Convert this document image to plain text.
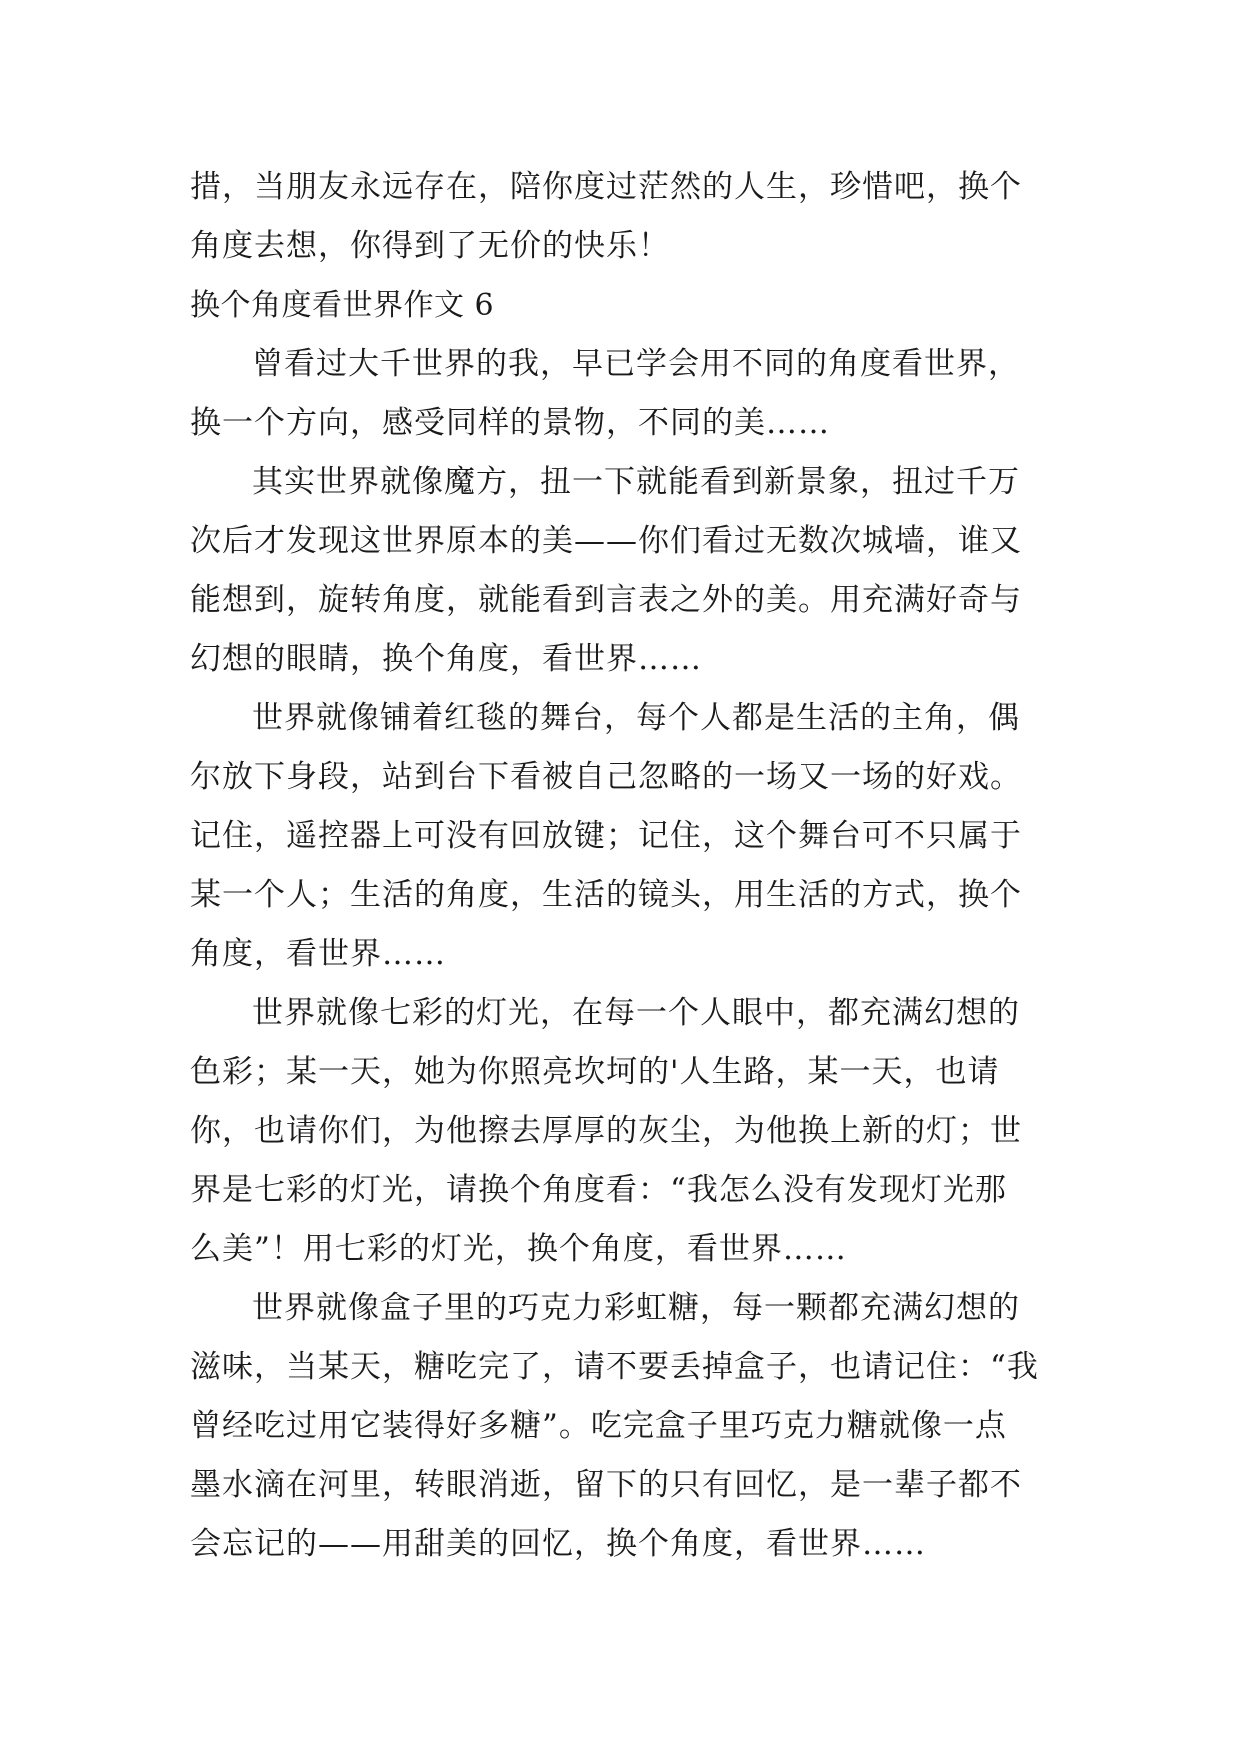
措，当朋友永远存在，陪你度过茫然的人生，珍惜吧，换个
角度去想，你得到了无价的快乐！
换个角度看世界作文 6
曾看过大千世界的我，早已学会用不同的角度看世界，
换一个方向，感受同样的景物，不同的美……
其实世界就像魔方，扭一下就能看到新景象，扭过千万
次后才发现这世界原本的美——你们看过无数次城墙，谁又
能想到，旋转角度，就能看到言表之外的美。用充满好奇与
幻想的眼睛，换个角度，看世界……
世界就像铺着红毯的舞台，每个人都是生活的主角，偶
尔放下身段，站到台下看被自己忽略的一场又一场的好戏。
记住，遥控器上可没有回放键；记住，这个舞台可不只属于
某一个人；生活的角度，生活的镜头，用生活的方式，换个
角度，看世界……
世界就像七彩的灯光，在每一个人眼中，都充满幻想的
色彩；某一天，她为你照亮坎坷的'人生路，某一天，也请
你，也请你们，为他擦去厚厚的灰尘，为他换上新的灯；世
界是七彩的灯光，请换个角度看：“我怎么没有发现灯光那
么美”！用七彩的灯光，换个角度，看世界……
世界就像盒子里的巧克力彩虹糖，每一颗都充满幻想的
滋味，当某天，糖吃完了，请不要丢掉盒子，也请记住：“我
曾经吃过用它装得好多糖”。吃完盒子里巧克力糖就像一点
墨水滴在河里，转眼消逝，留下的只有回忆，是一辈子都不
会忘记的——用甜美的回忆，换个角度，看世界……
